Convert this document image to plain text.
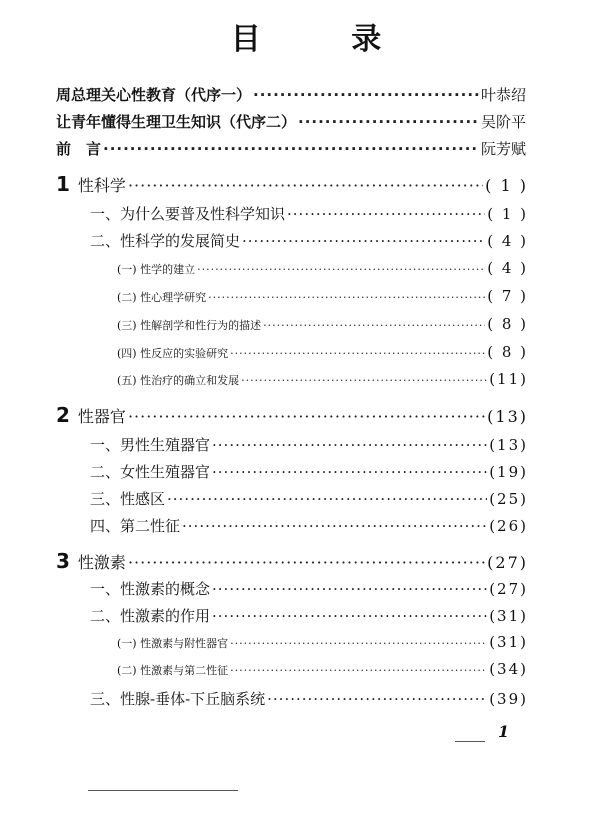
目 录
周总理关心性教育（代序一） ·····	叶恭绍
让青年懂得生理卫生知识（代序二） ·····	吴阶平
前　言 ·····	阮芳赋
1 性科学 ·····	( 1 )
一、为什么要普及性科学知识 ·····	( 1 )
二、性科学的发展简史 ·····	( 4 )
(一) 性学的建立 ·····	( 4 )
(二) 性心理学研究 ·····	( 7 )
(三) 性解剖学和性行为的描述 ·····	( 8 )
(四) 性反应的实验研究 ·····	( 8 )
(五) 性治疗的确立和发展 ·····	(11)
2 性器官 ·····	(13)
一、男性生殖器官 ·····	(13)
二、女性生殖器官 ·····	(19)
三、性感区 ·····	(25)
四、第二性征 ·····	(26)
3 性激素 ·····	(27)
一、性激素的概念 ·····	(27)
二、性激素的作用 ·····	(31)
(一) 性激素与附性器官 ·····	(31)
(二) 性激素与第二性征 ·····	(34)
三、性腺-垂体-下丘脑系统 ·····	(39)
1
